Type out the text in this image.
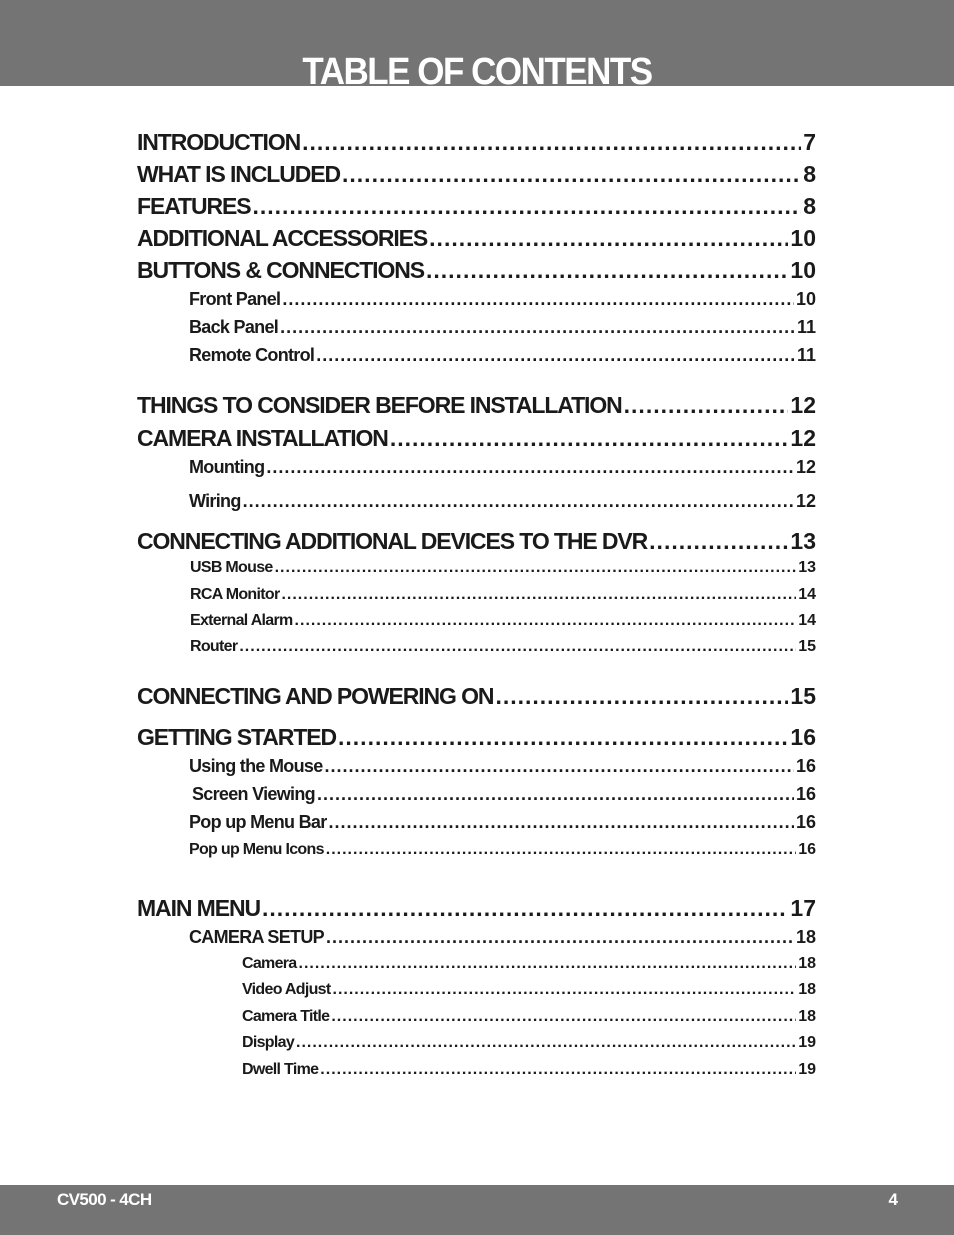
TABLE OF CONTENTS
INTRODUCTION .....	7
WHAT IS INCLUDED .....	8
FEATURES .....	8
ADDITIONAL ACCESSORIES .....	10
BUTTONS & CONNECTIONS .....	10
Front Panel .....	10
Back Panel .....	11
Remote Control .....	11
THINGS TO CONSIDER BEFORE INSTALLATION .....	12
CAMERA INSTALLATION .....	12
Mounting .....	12
Wiring .....	12
CONNECTING ADDITIONAL DEVICES TO THE DVR .....	13
USB Mouse .....	13
RCA Monitor .....	14
External Alarm .....	14
Router .....	15
CONNECTING AND POWERING ON .....	15
GETTING STARTED .....	16
Using the Mouse .....	16
Screen Viewing .....	16
Pop up Menu Bar .....	16
Pop up Menu Icons .....	16
MAIN MENU .....	17
CAMERA SETUP .....	18
Camera .....	18
Video Adjust .....	18
Camera Title .....	18
Display .....	19
Dwell Time .....	19
CV500 - 4CH	4
